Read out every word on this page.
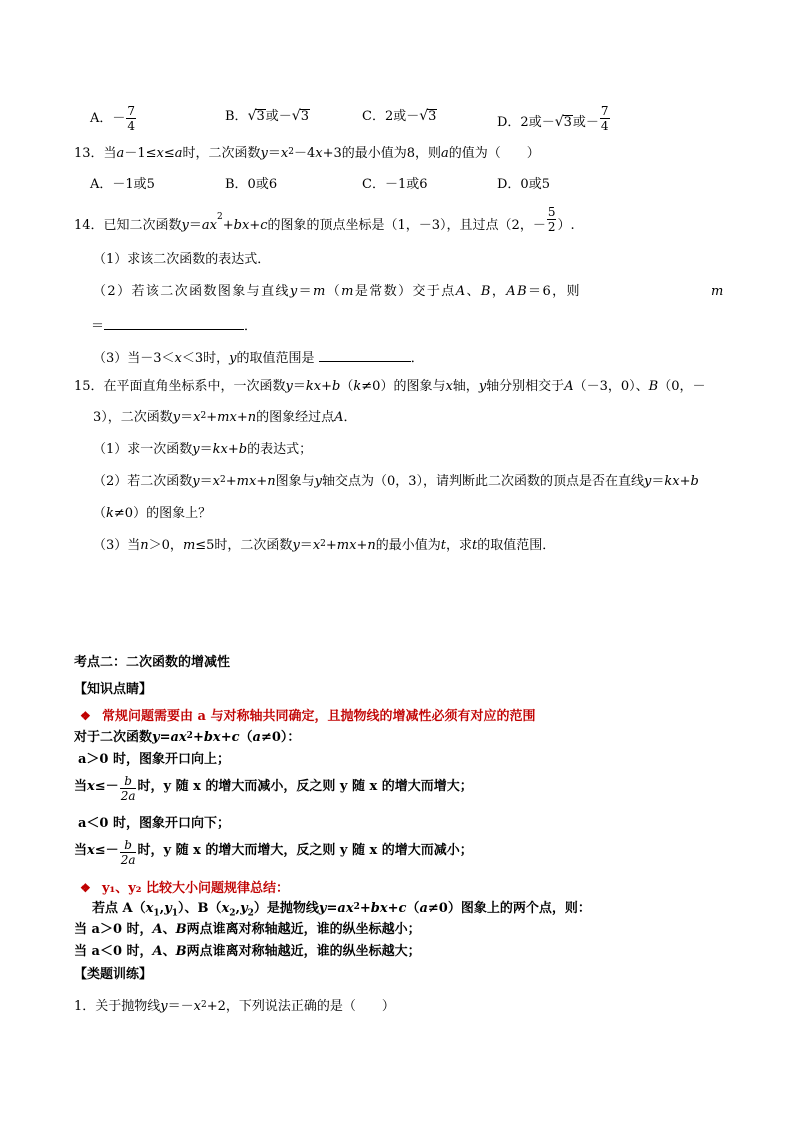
A．－ $\frac{7}{4}$	B．√3或－√3	C．2或－√3	D．2或－√3或－ $\frac{7}{4}$
13．当a－1≤x≤a时，二次函数$y=x^2-4x+3$的最小值为8，则a的值为（　　）
A．－1或5	B．0或6	C．－1或6	D．0或5
14．已知二次函数$y=ax^2+bx+c$的图象的顶点坐标是（1，－3），且过点（2，－ $\frac{5}{2}$ ）.
（1）求该二次函数的表达式．
（2）若该二次函数图象与直线y＝m（m是常数）交于点A、B，AB＝6，则	m
＝	．
（3）当－3＜x＜3时，y的取值范围是	．
15．在平面直角坐标系中，一次函数y＝kx+b（k≠0）的图象与x轴，y轴分别相交于A（－3，0）、B（0，－
3），二次函数$y=x^2+mx+n$的图象经过点A．
（1）求一次函数y＝kx+b的表达式；
（2）若二次函数$y=x^2+mx+n$图象与y轴交点为（0，3），请判断此二次函数的顶点是否在直线y＝kx+b
（k≠0）的图象上？
（3）当n＞0，m≤5时，二次函数$y=x^2+mx+n$的最小值为t，求t的取值范围．
考点二：二次函数的增减性
【知识点睛】
❖ 常规问题需要由 a 与对称轴共同确定，且抛物线的增减性必须有对应的范围
对于二次函数$y=ax^2+bx+c(a\ne 0)$：
a＞0 时，图象开口向上；
当$x\le- \frac{b}{2a}$ 时，y 随 x 的增大而减小，反之则 y 随 x 的增大而增大；
a＜0 时，图象开口向下；
当$x\le- \frac{b}{2a}$ 时，y 随 x 的增大而增大，反之则 y 随 x 的增大而减小；
❖ y₁、y₂ 比较大小问题规律总结：
若点 $A(x_1,y_1)$、$B(x_2,y_2)$是抛物线$y=ax^2+bx+c(a\ne 0)$图象上的两个点，则：
当 a＞0 时，A、B两点谁离对称轴越近，谁的纵坐标越小；
当 a＜0 时，A、B两点谁离对称轴越近，谁的纵坐标越大；
【类题训练】
1．关于抛物线$y=-x^2+2$，下列说法正确的是（　　）
